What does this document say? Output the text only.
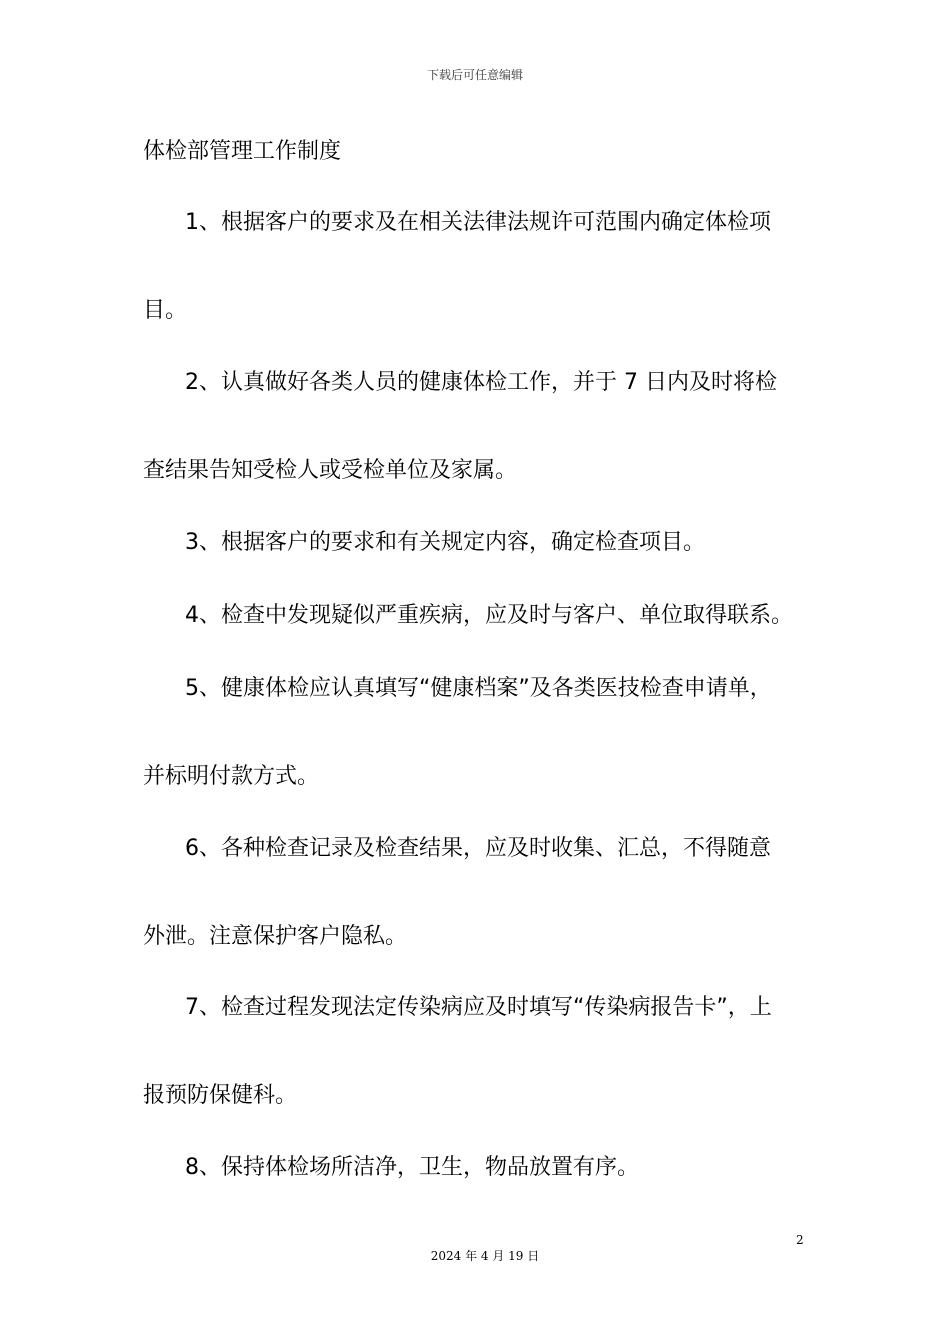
下载后可任意编辑
体检部管理工作制度
1、根据客户的要求及在相关法律法规许可范围内确定体检项
目。
2、认真做好各类人员的健康体检工作，并于 7 日内及时将检
查结果告知受检人或受检单位及家属。
3、根据客户的要求和有关规定内容，确定检查项目。
4、检查中发现疑似严重疾病，应及时与客户、单位取得联系。
5、健康体检应认真填写“健康档案”及各类医技检查申请单，
并标明付款方式。
6、各种检查记录及检查结果，应及时收集、汇总，不得随意
外泄。注意保护客户隐私。
7、检查过程发现法定传染病应及时填写“传染病报告卡”，上
报预防保健科。
8、保持体检场所洁净，卫生，物品放置有序。
2
2024 年 4 月 19 日
